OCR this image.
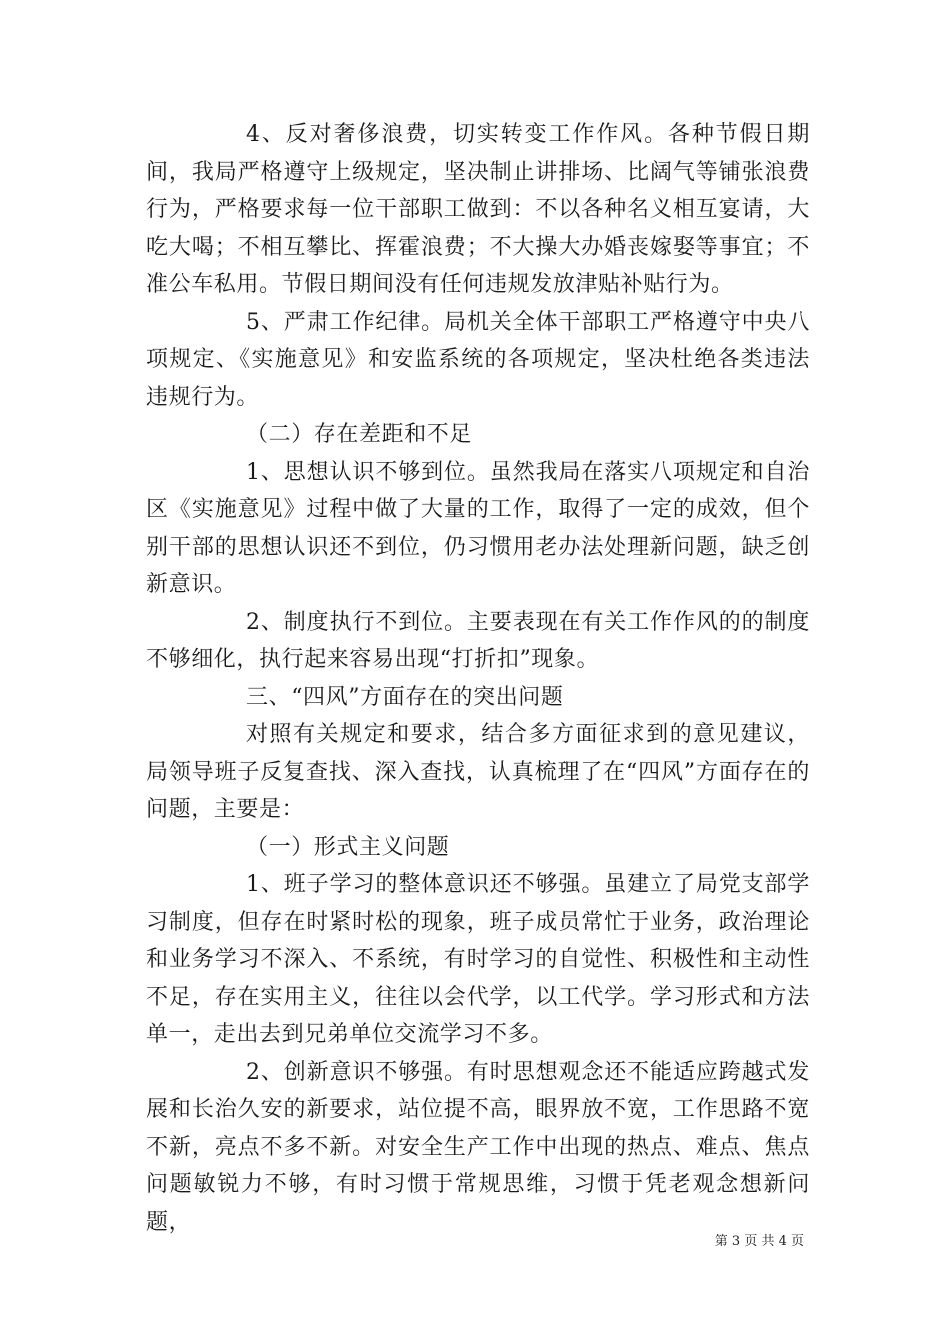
4、反对奢侈浪费，切实转变工作作风。各种节假日期间，我局严格遵守上级规定，坚决制止讲排场、比阔气等铺张浪费行为，严格要求每一位干部职工做到：不以各种名义相互宴请，大吃大喝；不相互攀比、挥霍浪费；不大操大办婚丧嫁娶等事宜；不准公车私用。节假日期间没有任何违规发放津贴补贴行为。

5、严肃工作纪律。局机关全体干部职工严格遵守中央八项规定、《实施意见》和安监系统的各项规定，坚决杜绝各类违法违规行为。

（二）存在差距和不足

1、思想认识不够到位。虽然我局在落实八项规定和自治区《实施意见》过程中做了大量的工作，取得了一定的成效，但个别干部的思想认识还不到位，仍习惯用老办法处理新问题，缺乏创新意识。

2、制度执行不到位。主要表现在有关工作作风的的制度不够细化，执行起来容易出现“打折扣”现象。

三、“四风”方面存在的突出问题

对照有关规定和要求，结合多方面征求到的意见建议，局领导班子反复查找、深入查找，认真梳理了在“四风”方面存在的问题，主要是：

（一）形式主义问题

1、班子学习的整体意识还不够强。虽建立了局党支部学习制度，但存在时紧时松的现象，班子成员常忙于业务，政治理论和业务学习不深入、不系统，有时学习的自觉性、积极性和主动性不足，存在实用主义，往往以会代学，以工代学。学习形式和方法单一，走出去到兄弟单位交流学习不多。

2、创新意识不够强。有时思想观念还不能适应跨越式发展和长治久安的新要求，站位提不高，眼界放不宽，工作思路不宽不新，亮点不多不新。对安全生产工作中出现的热点、难点、焦点问题敏锐力不够，有时习惯于常规思维，习惯于凭老观念想新问题，

第 3 页 共 4 页
